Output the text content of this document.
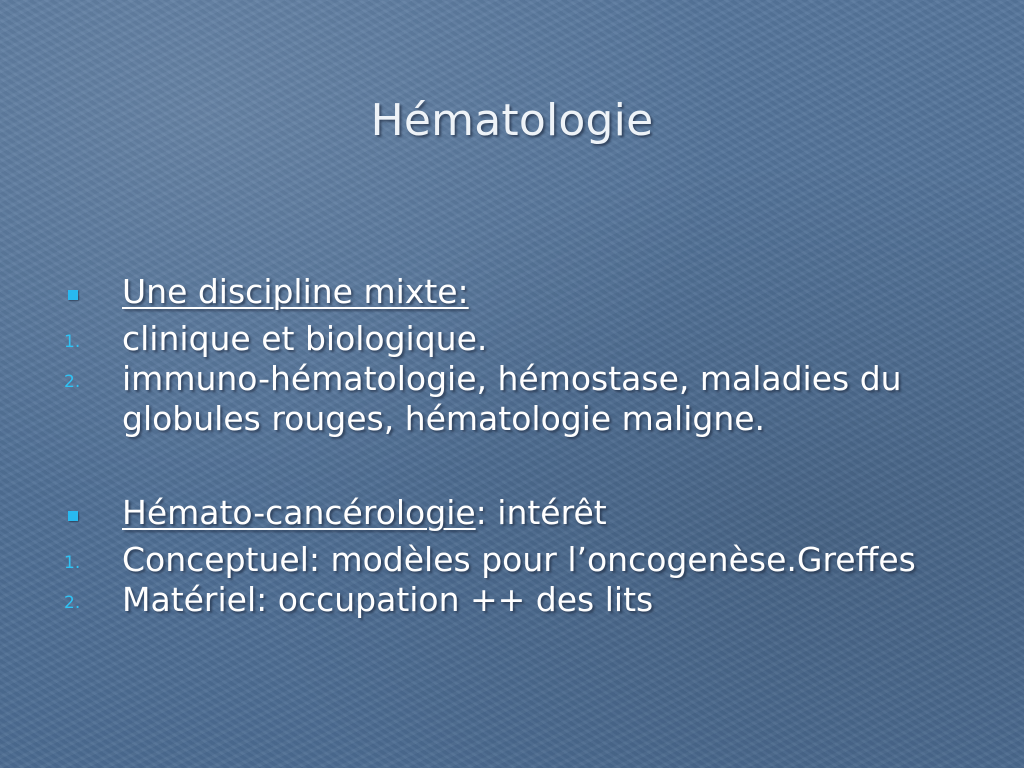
Hématologie
Une discipline mixte:
1. clinique et biologique.
2. immuno-hématologie, hémostase, maladies du
globules rouges, hématologie maligne.
Hémato-cancérologie: intérêt
1. Conceptuel: modèles pour l’oncogenèse.Greffes
2. Matériel: occupation ++ des lits
